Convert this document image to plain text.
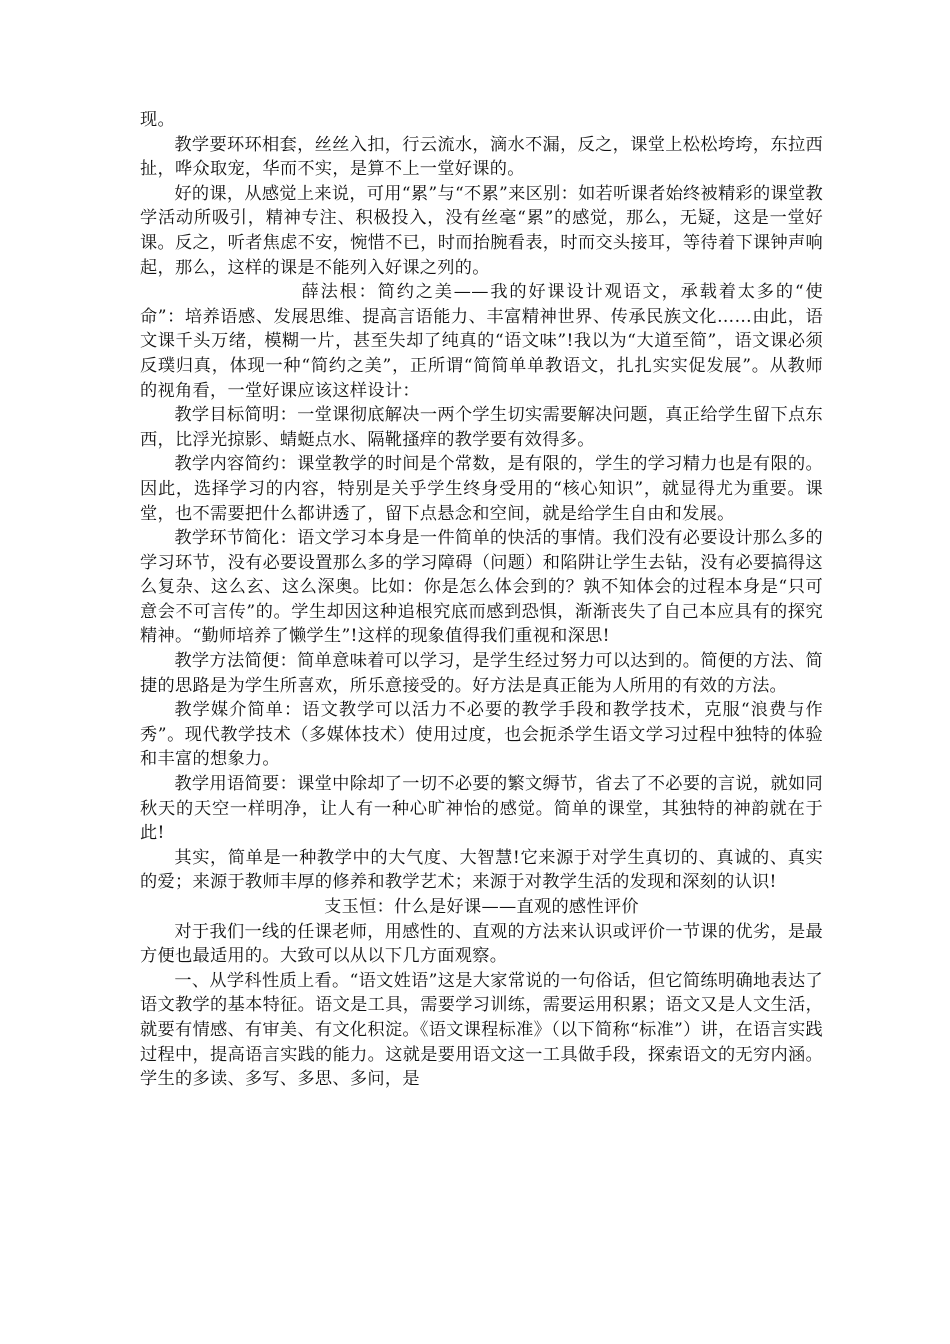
现。

教学要环环相套，丝丝入扣，行云流水，滴水不漏，反之，课堂上松松垮垮，东拉西扯，哗众取宠，华而不实，是算不上一堂好课的。

好的课，从感觉上来说，可用“累”与“不累”来区别：如若听课者始终被精彩的课堂教学活动所吸引，精神专注、积极投入，没有丝毫“累”的感觉，那么，无疑，这是一堂好课。反之，听者焦虑不安，惋惜不已，时而抬腕看表，时而交头接耳，等待着下课钟声响起，那么，这样的课是不能列入好课之列的。

薛法根：简约之美——我的好课设计观语文，承载着太多的“使命”：培养语感、发展思维、提高言语能力、丰富精神世界、传承民族文化……由此，语文课千头万绪，模糊一片，甚至失却了纯真的“语文味”!我以为“大道至简”，语文课必须反璞归真，体现一种“简约之美”，正所谓“简简单单教语文，扎扎实实促发展”。从教师的视角看，一堂好课应该这样设计：

教学目标简明：一堂课彻底解决一两个学生切实需要解决问题，真正给学生留下点东西，比浮光掠影、蜻蜓点水、隔靴搔痒的教学要有效得多。

教学内容简约：课堂教学的时间是个常数，是有限的，学生的学习精力也是有限的。因此，选择学习的内容，特别是关乎学生终身受用的“核心知识”，就显得尤为重要。课堂，也不需要把什么都讲透了，留下点悬念和空间，就是给学生自由和发展。

教学环节简化：语文学习本身是一件简单的快活的事情。我们没有必要设计那么多的学习环节，没有必要设置那么多的学习障碍（问题）和陷阱让学生去钻，没有必要搞得这么复杂、这么玄、这么深奥。比如：你是怎么体会到的？孰不知体会的过程本身是“只可意会不可言传”的。学生却因这种追根究底而感到恐惧，渐渐丧失了自己本应具有的探究精神。“勤师培养了懒学生”!这样的现象值得我们重视和深思!

教学方法简便：简单意味着可以学习，是学生经过努力可以达到的。简便的方法、简捷的思路是为学生所喜欢，所乐意接受的。好方法是真正能为人所用的有效的方法。

教学媒介简单：语文教学可以活力不必要的教学手段和教学技术，克服“浪费与作秀”。现代教学技术（多媒体技术）使用过度，也会扼杀学生语文学习过程中独特的体验和丰富的想象力。

教学用语简要：课堂中除却了一切不必要的繁文缛节，省去了不必要的言说，就如同秋天的天空一样明净，让人有一种心旷神怡的感觉。简单的课堂，其独特的神韵就在于此!

其实，简单是一种教学中的大气度、大智慧!它来源于对学生真切的、真诚的、真实的爱；来源于教师丰厚的修养和教学艺术；来源于对教学生活的发现和深刻的认识!

支玉恒：什么是好课——直观的感性评价

对于我们一线的任课老师，用感性的、直观的方法来认识或评价一节课的优劣，是最方便也最适用的。大致可以从以下几方面观察。

一、从学科性质上看。“语文姓语”这是大家常说的一句俗话，但它简练明确地表达了语文教学的基本特征。语文是工具，需要学习训练，需要运用积累；语文又是人文生活，就要有情感、有审美、有文化积淀。《语文课程标准》（以下简称“标准”）讲，在语言实践过程中，提高语言实践的能力。这就是要用语文这一工具做手段，探索语文的无穷内涵。学生的多读、多写、多思、多问，是
